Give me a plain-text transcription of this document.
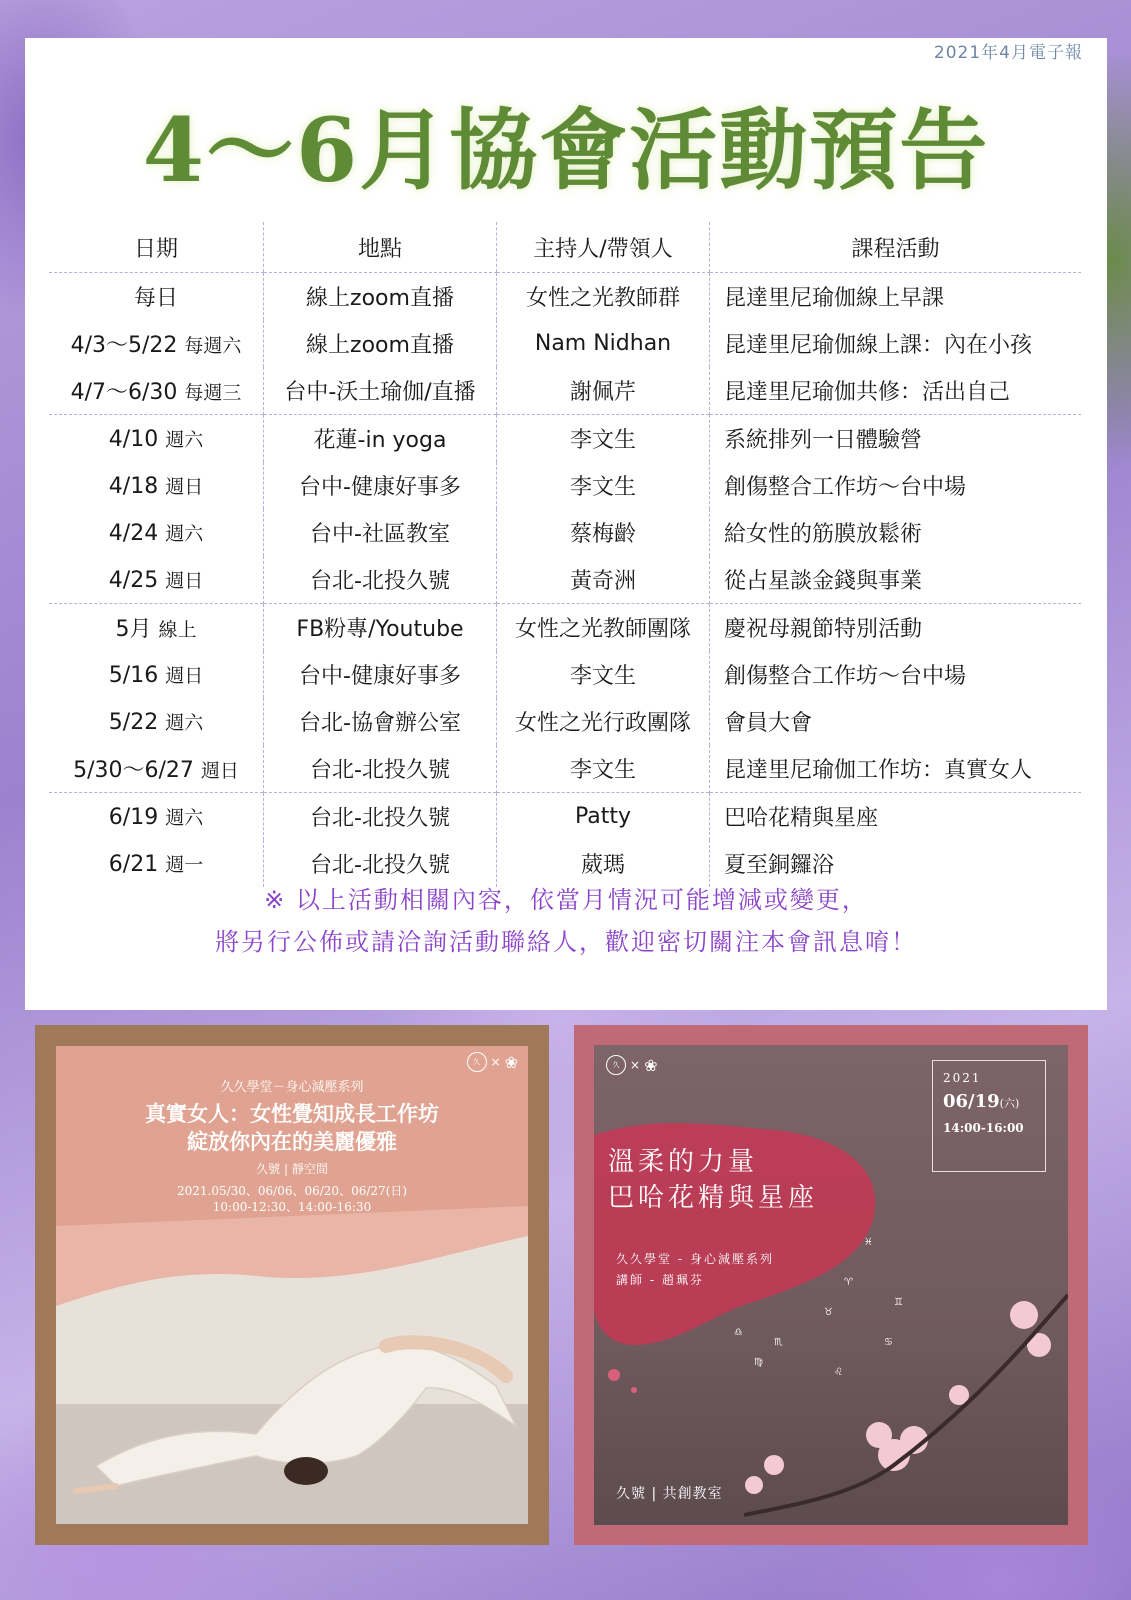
2021年4月電子報
4～6月協會活動預告
日期	地點	主持人/帶領人	課程活動
每日	線上zoom直播	女性之光教師群	昆達里尼瑜伽線上早課
4/3～5/22 每週六	線上zoom直播	Nam Nidhan	昆達里尼瑜伽線上課：內在小孩
4/7～6/30 每週三	台中-沃土瑜伽/直播	謝佩芹	昆達里尼瑜伽共修：活出自己
4/10 週六	花蓮-in yoga	李文生	系統排列一日體驗營
4/18 週日	台中-健康好事多	李文生	創傷整合工作坊～台中場
4/24 週六	台中-社區教室	蔡梅齡	給女性的筋膜放鬆術
4/25 週日	台北-北投久號	黃奇洲	從占星談金錢與事業
5月 線上	FB粉專/Youtube	女性之光教師團隊	慶祝母親節特別活動
5/16 週日	台中-健康好事多	李文生	創傷整合工作坊～台中場
5/22 週六	台北-協會辦公室	女性之光行政團隊	會員大會
5/30～6/27 週日	台北-北投久號	李文生	昆達里尼瑜伽工作坊：真實女人
6/19 週六	台北-北投久號	Patty	巴哈花精與星座
6/21 週一	台北-北投久號	葳瑪	夏至銅鑼浴
※ 以上活動相關內容，依當月情況可能增減或變更，
將另行公佈或請洽詢活動聯絡人，歡迎密切關注本會訊息唷！
久 × ❀
久久學堂－身心減壓系列
真實女人：女性覺知成長工作坊
綻放你內在的美麗優雅
久號 | 靜空間
2021.05/30、06/06、06/20、06/27(日)
10:00-12:30、14:00-16:30
♓
♈
♉
♊
♋
♌
♍
♎
♏
久 × ❀
2021
06/19(六)
14:00-16:00
溫柔的力量
巴哈花精與星座
久久學堂 - 身心減壓系列
講師 - 趙珮芬
久號 | 共創教室
